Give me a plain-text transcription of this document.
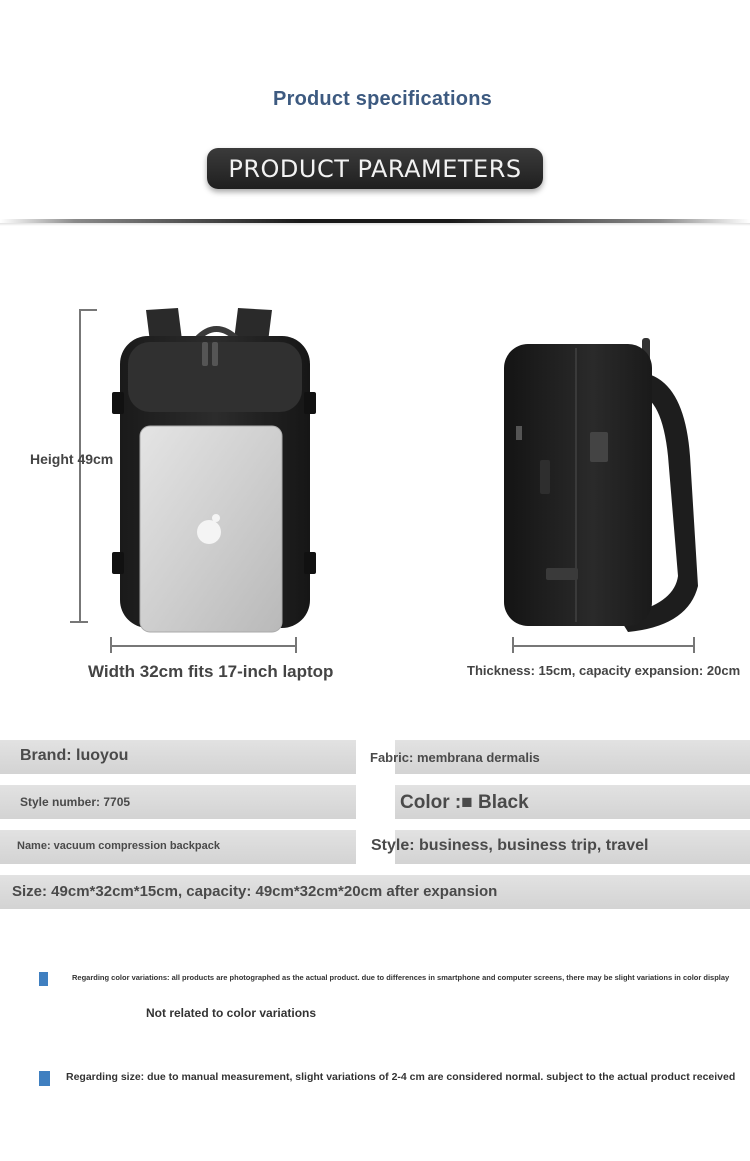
Product specifications
PRODUCT PARAMETERS
Height 49cm
Width 32cm fits 17-inch laptop	Thickness: 15cm, capacity expansion: 20cm
Brand: luoyou	Fabric: membrana dermalis
Style number: 7705	Color :■ Black
Name: vacuum compression backpack	Style: business, business trip, travel
Size: 49cm*32cm*15cm, capacity: 49cm*32cm*20cm after expansion
Regarding color variations: all products are photographed as the actual product. due to differences in smartphone and computer screens, there may be slight variations in color display
Not related to color variations
Regarding size: due to manual measurement, slight variations of 2-4 cm are considered normal. subject to the actual product received
